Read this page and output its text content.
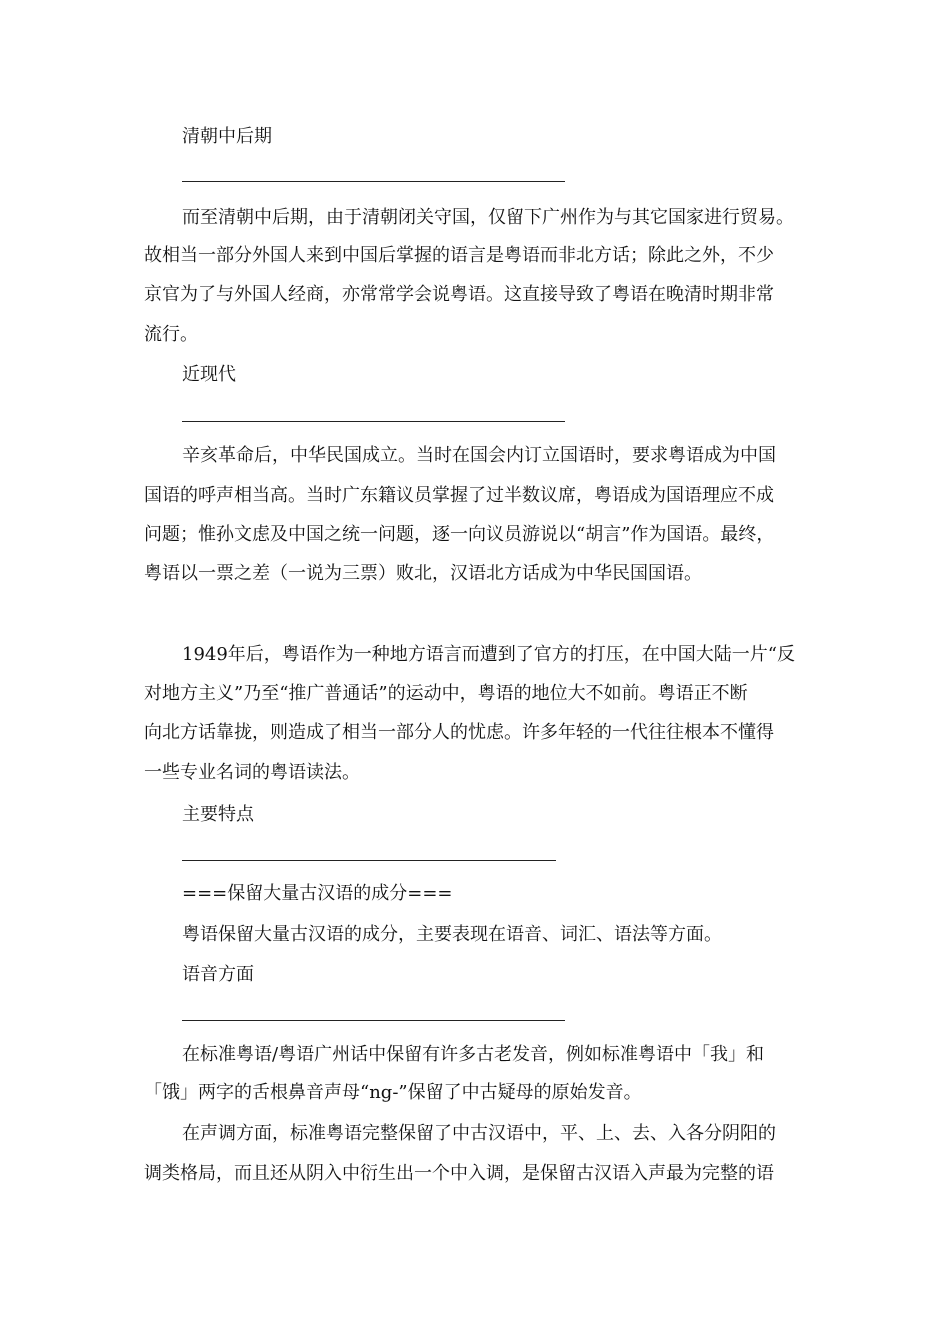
清朝中后期
而至清朝中后期，由于清朝闭关守国，仅留下广州作为与其它国家进行贸易。
故相当一部分外国人来到中国后掌握的语言是粤语而非北方话；除此之外，不少
京官为了与外国人经商，亦常常学会说粤语。这直接导致了粤语在晚清时期非常
流行。
近现代
辛亥革命后，中华民国成立。当时在国会内订立国语时，要求粤语成为中国
国语的呼声相当高。当时广东籍议员掌握了过半数议席，粤语成为国语理应不成
问题；惟孙文虑及中国之统一问题，逐一向议员游说以“胡言”作为国语。最终，
粤语以一票之差（一说为三票）败北，汉语北方话成为中华民国国语。
1949年后，粤语作为一种地方语言而遭到了官方的打压，在中国大陆一片“反
对地方主义”乃至“推广普通话”的运动中，粤语的地位大不如前。粤语正不断
向北方话靠拢，则造成了相当一部分人的忧虑。许多年轻的一代往往根本不懂得
一些专业名词的粤语读法。
主要特点
===保留大量古汉语的成分===
粤语保留大量古汉语的成分，主要表现在语音、词汇、语法等方面。
语音方面
在标准粤语/粤语广州话中保留有许多古老发音，例如标准粤语中「我」和
「饿」两字的舌根鼻音声母“ng-”保留了中古疑母的原始发音。
在声调方面，标准粤语完整保留了中古汉语中，平、上、去、入各分阴阳的
调类格局，而且还从阴入中衍生出一个中入调，是保留古汉语入声最为完整的语
